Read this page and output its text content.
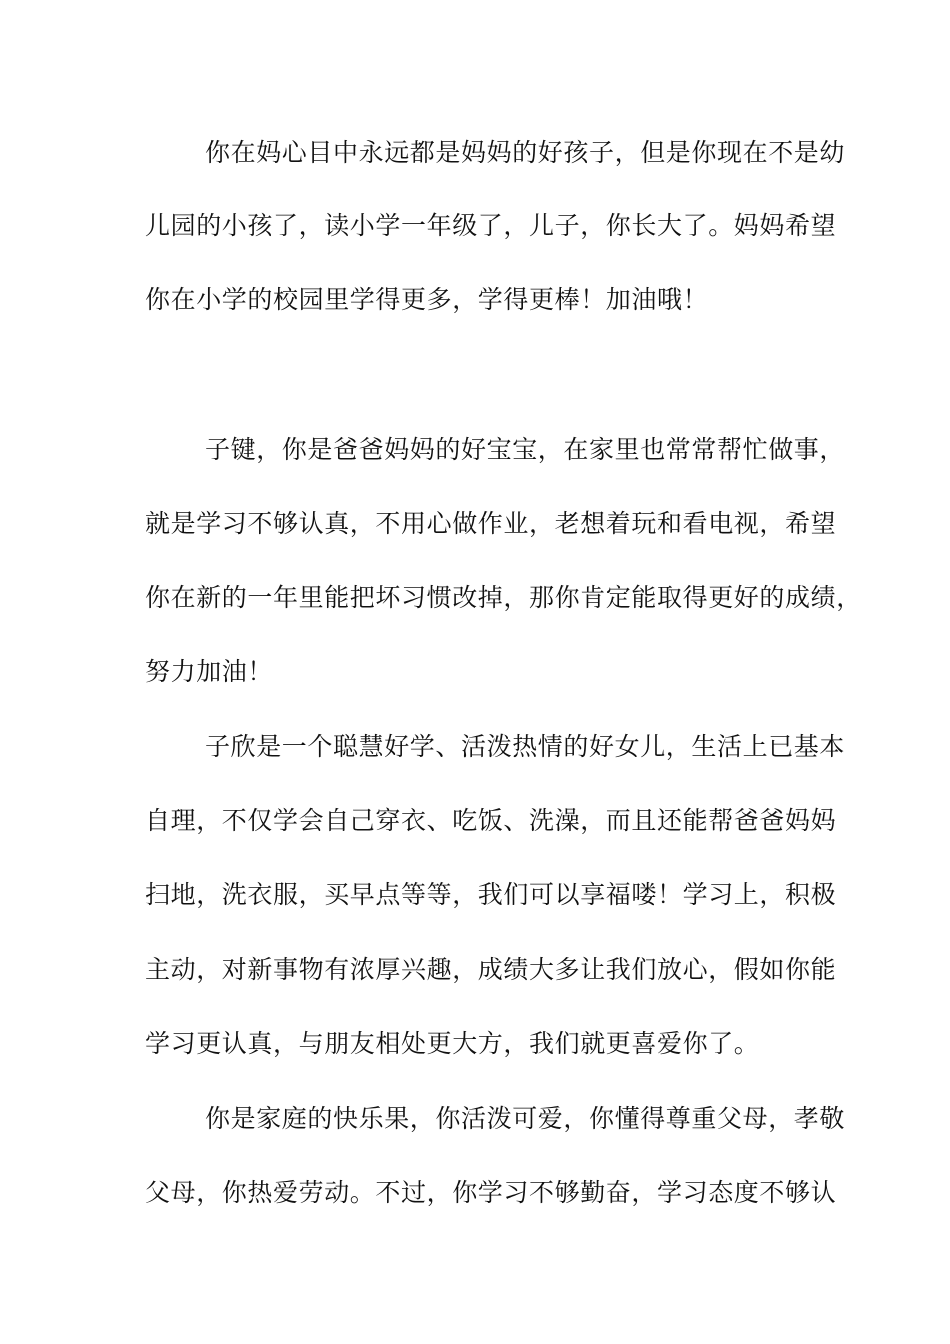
你在妈心目中永远都是妈妈的好孩子，但是你现在不是幼
儿园的小孩了，读小学一年级了，儿子，你长大了。妈妈希望
你在小学的校园里学得更多，学得更棒！加油哦！
子键，你是爸爸妈妈的好宝宝，在家里也常常帮忙做事，
就是学习不够认真，不用心做作业，老想着玩和看电视，希望
你在新的一年里能把坏习惯改掉，那你肯定能取得更好的成绩，
努力加油！
子欣是一个聪慧好学、活泼热情的好女儿，生活上已基本
自理，不仅学会自己穿衣、吃饭、洗澡，而且还能帮爸爸妈妈
扫地，洗衣服，买早点等等，我们可以享福喽！学习上，积极
主动，对新事物有浓厚兴趣，成绩大多让我们放心，假如你能
学习更认真，与朋友相处更大方，我们就更喜爱你了。
你是家庭的快乐果，你活泼可爱，你懂得尊重父母，孝敬
父母，你热爱劳动。不过，你学习不够勤奋，学习态度不够认
